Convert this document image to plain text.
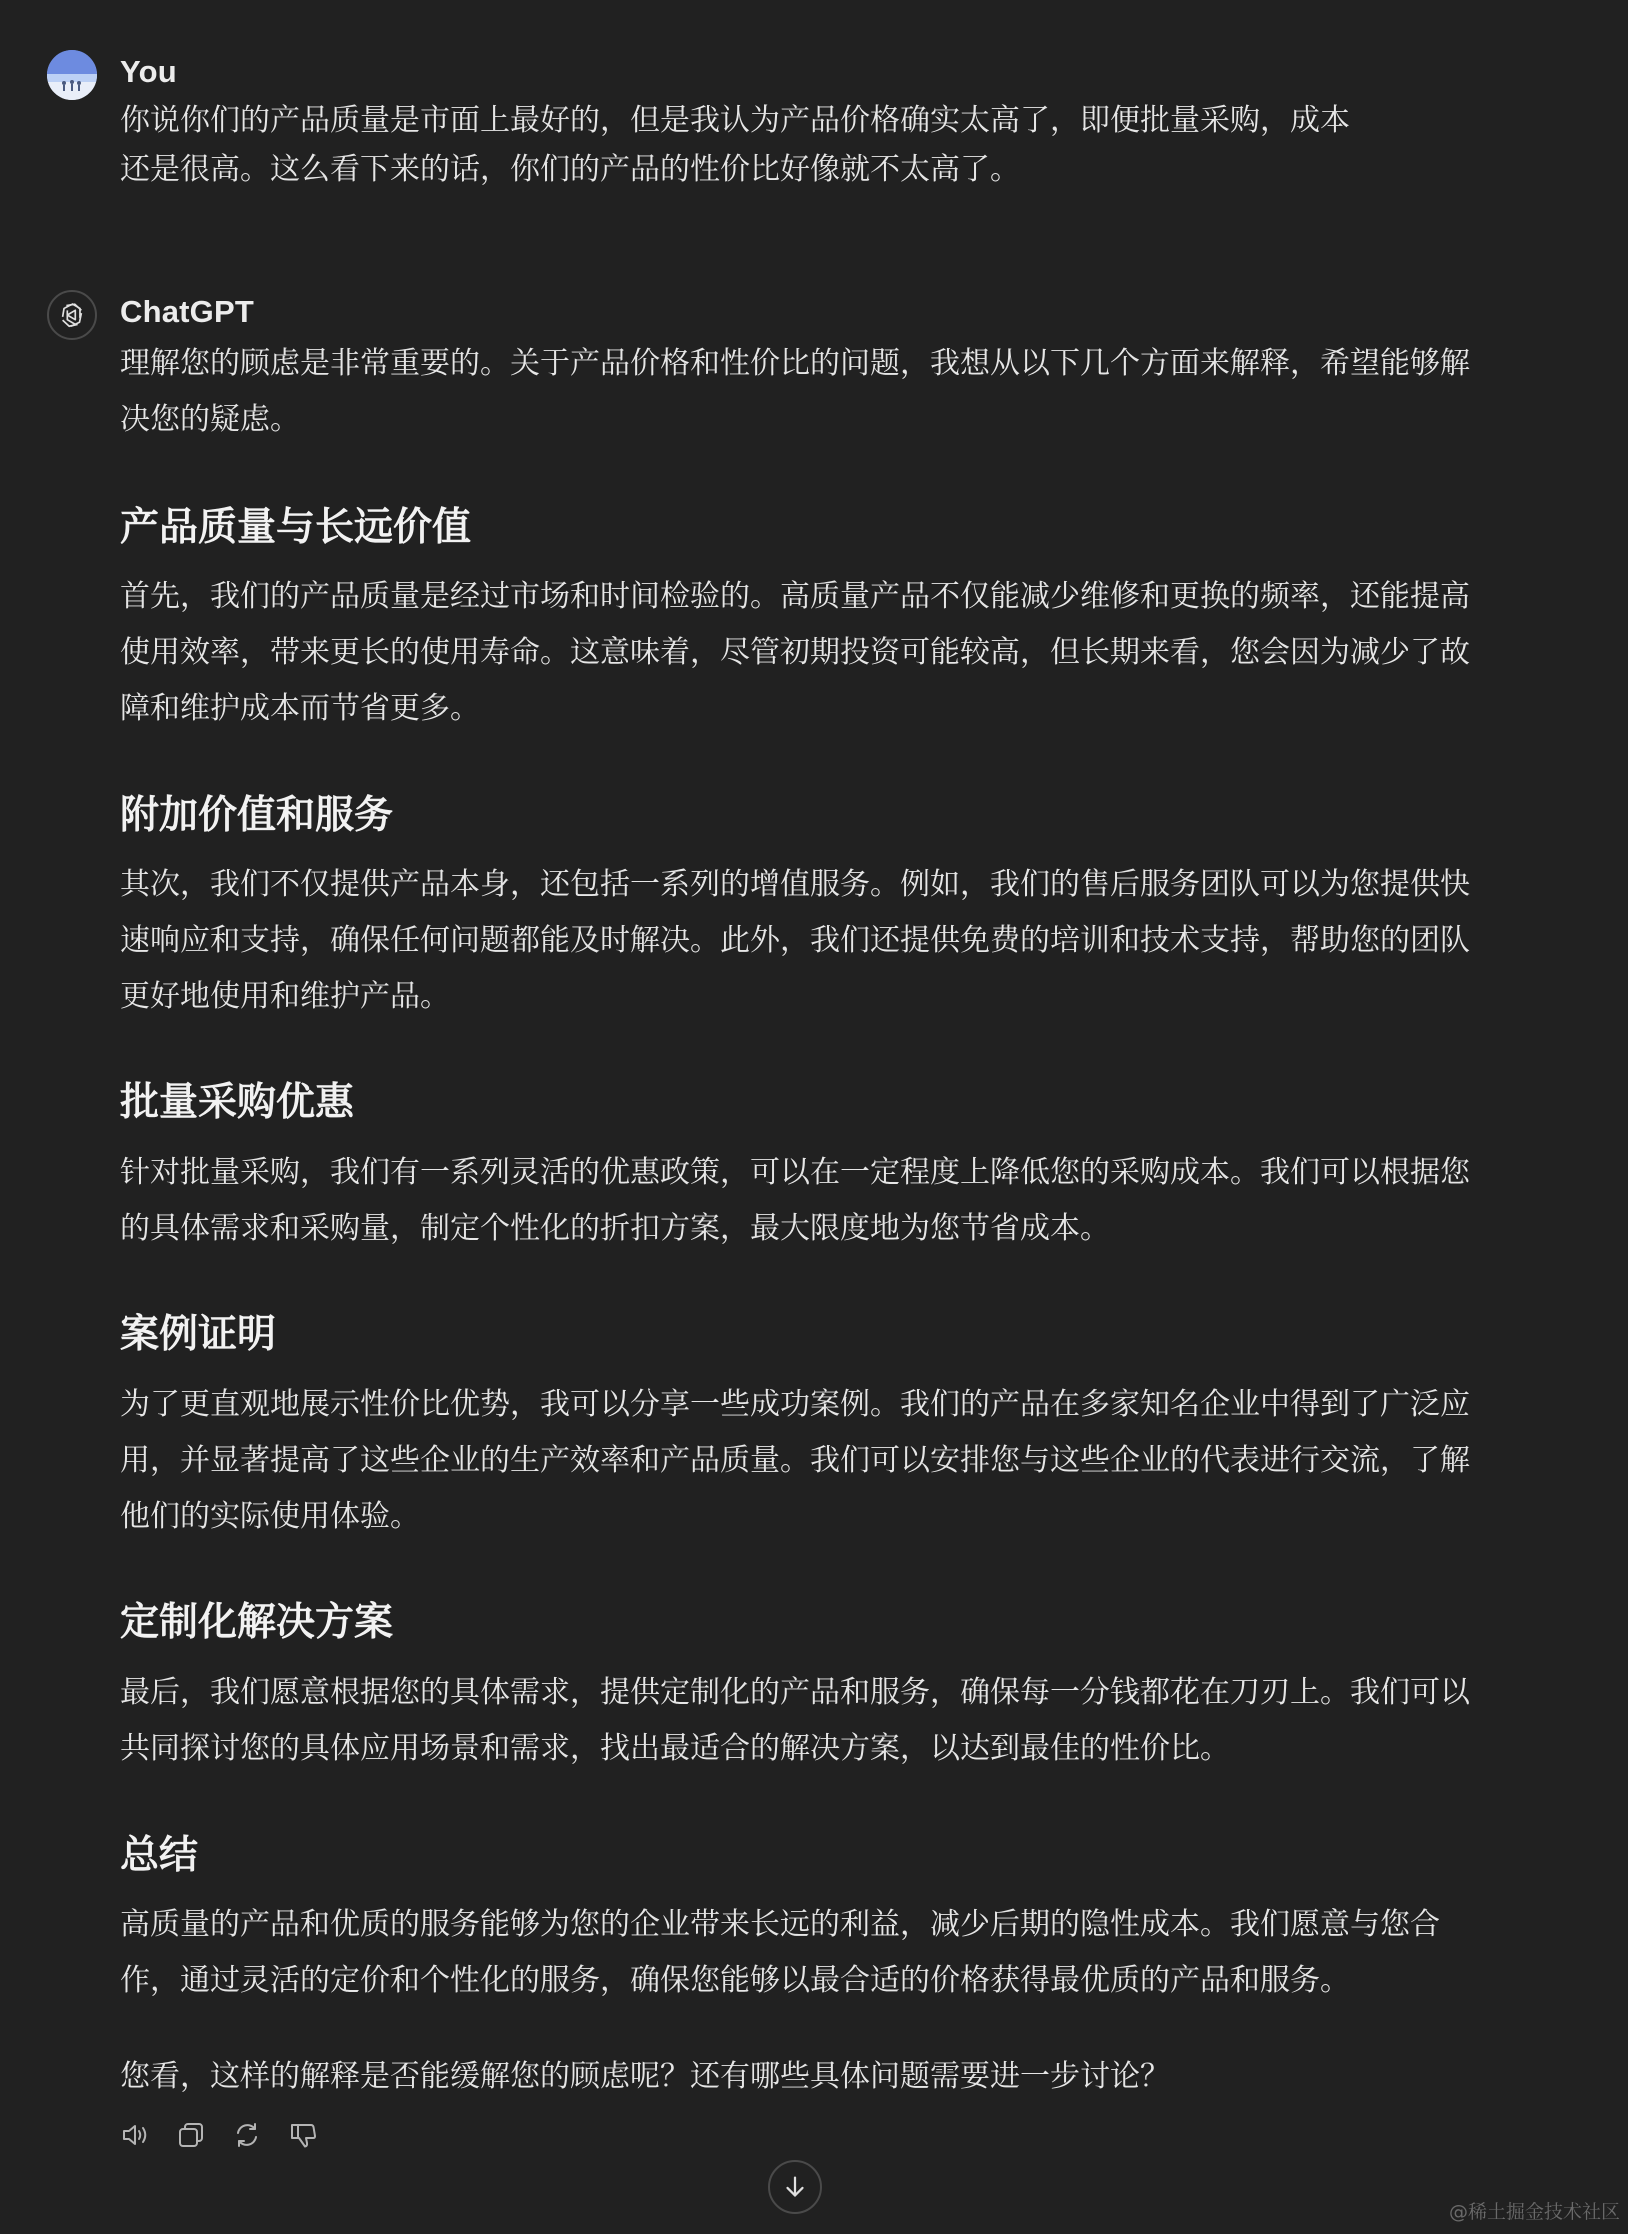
You

你说你们的产品质量是市面上最好的，但是我认为产品价格确实太高了，即便批量采购，成本
还是很高。这么看下来的话，你们的产品的性价比好像就不太高了。

ChatGPT

理解您的顾虑是非常重要的。关于产品价格和性价比的问题，我想从以下几个方面来解释，希望能够解
决您的疑虑。

产品质量与长远价值

首先，我们的产品质量是经过市场和时间检验的。高质量产品不仅能减少维修和更换的频率，还能提高
使用效率，带来更长的使用寿命。这意味着，尽管初期投资可能较高，但长期来看，您会因为减少了故
障和维护成本而节省更多。

附加价值和服务

其次，我们不仅提供产品本身，还包括一系列的增值服务。例如，我们的售后服务团队可以为您提供快
速响应和支持，确保任何问题都能及时解决。此外，我们还提供免费的培训和技术支持，帮助您的团队
更好地使用和维护产品。

批量采购优惠

针对批量采购，我们有一系列灵活的优惠政策，可以在一定程度上降低您的采购成本。我们可以根据您
的具体需求和采购量，制定个性化的折扣方案，最大限度地为您节省成本。

案例证明

为了更直观地展示性价比优势，我可以分享一些成功案例。我们的产品在多家知名企业中得到了广泛应
用，并显著提高了这些企业的生产效率和产品质量。我们可以安排您与这些企业的代表进行交流，了解
他们的实际使用体验。

定制化解决方案

最后，我们愿意根据您的具体需求，提供定制化的产品和服务，确保每一分钱都花在刀刃上。我们可以
共同探讨您的具体应用场景和需求，找出最适合的解决方案，以达到最佳的性价比。

总结

高质量的产品和优质的服务能够为您的企业带来长远的利益，减少后期的隐性成本。我们愿意与您合
作，通过灵活的定价和个性化的服务，确保您能够以最合适的价格获得最优质的产品和服务。

您看，这样的解释是否能缓解您的顾虑呢？还有哪些具体问题需要进一步讨论？

@稀土掘金技术社区
